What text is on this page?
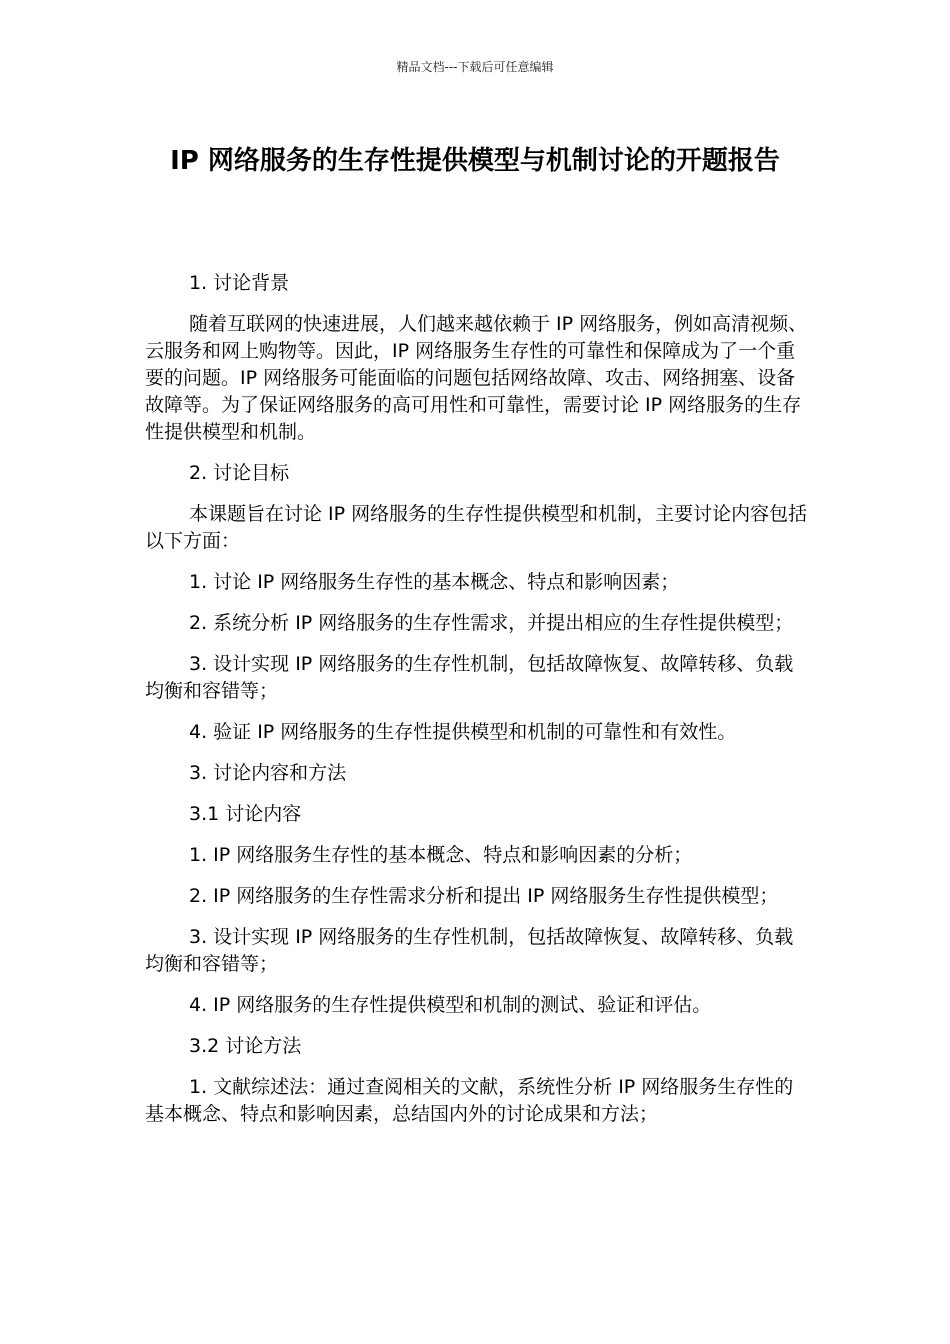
精品文档---下载后可任意编辑
IP 网络服务的生存性提供模型与机制讨论的开题报告

1. 讨论背景

随着互联网的快速进展，人们越来越依赖于 IP 网络服务，例如高清视频、云服务和网上购物等。因此，IP 网络服务生存性的可靠性和保障成为了一个重要的问题。IP 网络服务可能面临的问题包括网络故障、攻击、网络拥塞、设备故障等。为了保证网络服务的高可用性和可靠性，需要讨论 IP 网络服务的生存性提供模型和机制。

2. 讨论目标

本课题旨在讨论 IP 网络服务的生存性提供模型和机制，主要讨论内容包括以下方面：

1. 讨论 IP 网络服务生存性的基本概念、特点和影响因素；

2. 系统分析 IP 网络服务的生存性需求，并提出相应的生存性提供模型；

3. 设计实现 IP 网络服务的生存性机制，包括故障恢复、故障转移、负载均衡和容错等；

4. 验证 IP 网络服务的生存性提供模型和机制的可靠性和有效性。

3. 讨论内容和方法

3.1 讨论内容

1. IP 网络服务生存性的基本概念、特点和影响因素的分析；

2. IP 网络服务的生存性需求分析和提出 IP 网络服务生存性提供模型；

3. 设计实现 IP 网络服务的生存性机制，包括故障恢复、故障转移、负载均衡和容错等；

4. IP 网络服务的生存性提供模型和机制的测试、验证和评估。

3.2 讨论方法

1. 文献综述法：通过查阅相关的文献，系统性分析 IP 网络服务生存性的基本概念、特点和影响因素，总结国内外的讨论成果和方法；
